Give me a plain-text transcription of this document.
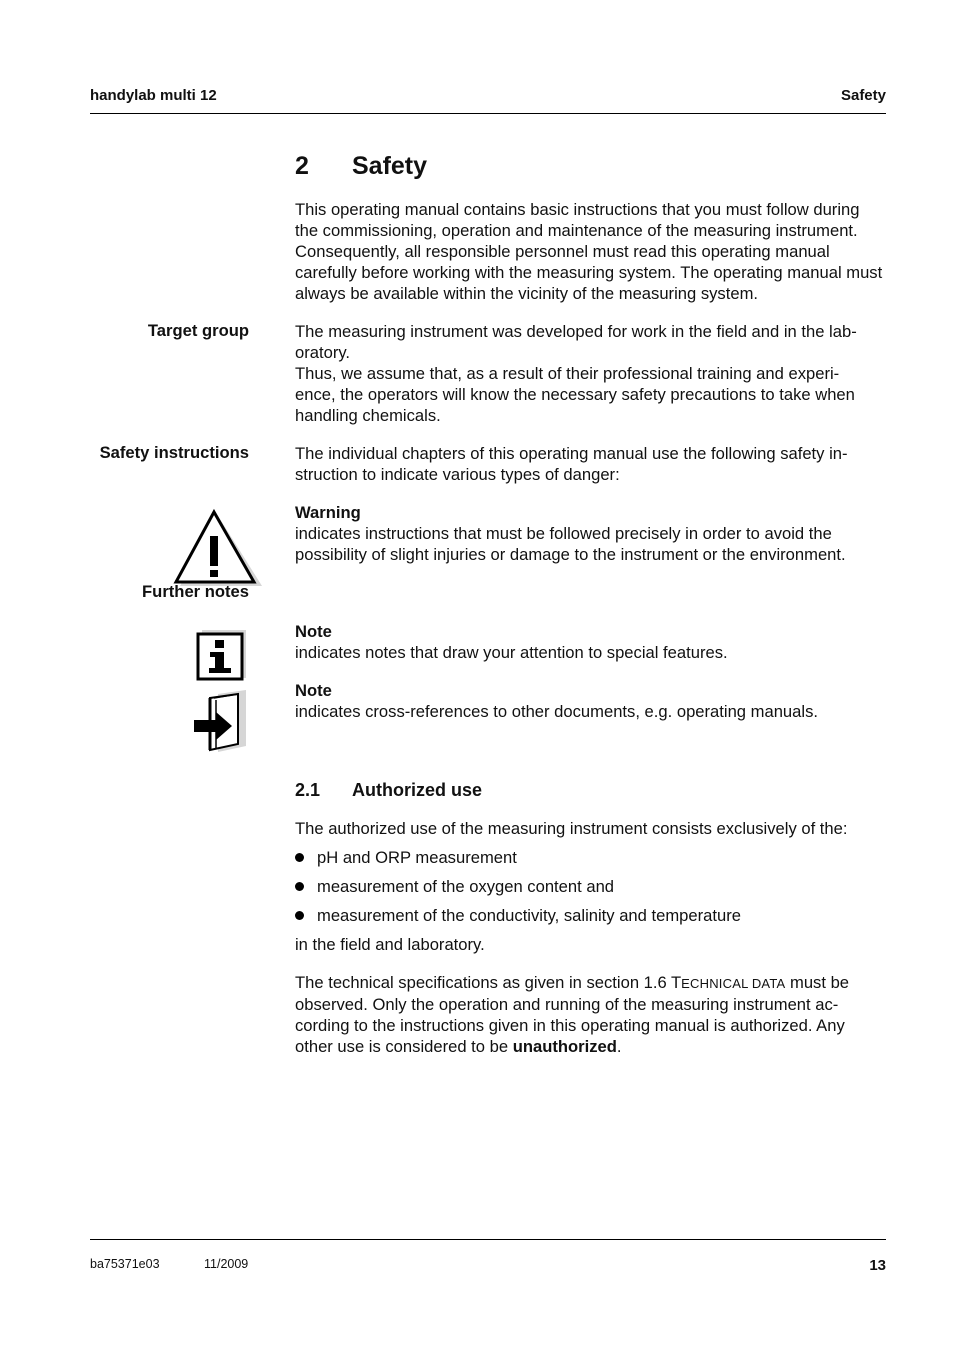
handylab multi 12	Safety
2 Safety
This operating manual contains basic instructions that you must follow during the commissioning, operation and maintenance of the measuring instrument. Consequently, all responsible personnel must read this operating manual carefully before working with the measuring system. The operating manual must always be available within the vicinity of the measuring system.
Target group	The measuring instrument was developed for work in the field and in the lab-
oratory.
Thus, we assume that, as a result of their professional training and experi-
ence, the operators will know the necessary safety precautions to take when
handling chemicals.
Safety instructions	The individual chapters of this operating manual use the following safety in-
struction to indicate various types of danger:
Warning
indicates instructions that must be followed precisely in order to avoid the possibility of slight injuries or damage to the instrument or the environment.
Further notes
Note
indicates notes that draw your attention to special features.
Note
indicates cross-references to other documents, e.g. operating manuals.
2.1 Authorized use
The authorized use of the measuring instrument consists exclusively of the:
pH and ORP measurement
measurement of the oxygen content and
measurement of the conductivity, salinity and temperature
in the field and laboratory.
The technical specifications as given in section 1.6 TECHNICAL DATA must be
observed. Only the operation and running of the measuring instrument ac-
cording to the instructions given in this operating manual is authorized. Any
other use is considered to be unauthorized.
ba75371e03	11/2009	13
